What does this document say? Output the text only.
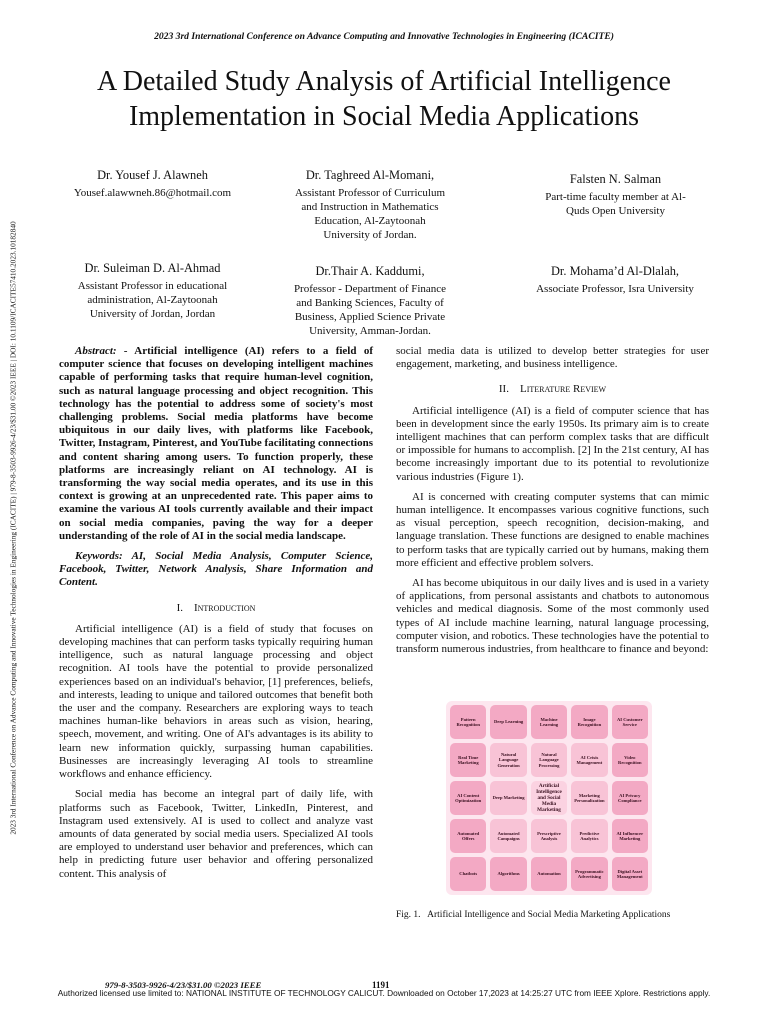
2023 3rd International Conference on Advance Computing and Innovative Technologies in Engineering (ICACITE)
2023 3rd International Conference on Advance Computing and Innovative Technologies in Engineering (ICACITE) | 979-8-3503-9926-4/23/$31.00 ©2023 IEEE | DOI: 10.1109/ICACITE57410.2023.10182840
A Detailed Study Analysis of Artificial Intelligence
Implementation in Social Media Applications
Dr. Yousef J. Alawneh
Yousef.alawwneh.86@hotmail.com
Dr. Taghreed Al-Momani,
Assistant Professor of Curriculum
and Instruction in Mathematics
Education, Al-Zaytoonah
University of Jordan.
Falsten N. Salman
Part-time faculty member at Al-
Quds Open University
Dr. Suleiman D. Al-Ahmad
Assistant Professor in educational
administration, Al-Zaytoonah
University of Jordan, Jordan
Dr.Thair A. Kaddumi,
Professor - Department of Finance
and Banking Sciences, Faculty of
Business, Applied Science Private
University, Amman-Jordan.
Dr. Mohama’d Al-Dlalah,
Associate Professor, Isra University

Abstract: - Artificial intelligence (AI) refers to a field of computer science that focuses on developing intelligent machines capable of performing tasks that require human-level cognition, such as natural language processing and object recognition. This technology has the potential to address some of society's most challenging problems. Social media platforms have become ubiquitous in our daily lives, with platforms like Facebook, Twitter, Instagram, Pinterest, and YouTube facilitating connections and content sharing among users. To function properly, these platforms are increasingly reliant on AI technology. AI is transforming the way social media operates, and its use in this context is growing at an unprecedented rate. This paper aims to examine the various AI tools currently available and their impact on social media companies, paving the way for a deeper understanding of the role of AI in the social media landscape.

Keywords: AI, Social Media Analysis, Computer Science, Facebook, Twitter, Network Analysis, Share Information and Content.

I. Introduction

Artificial intelligence (AI) is a field of study that focuses on developing machines that can perform tasks typically requiring human intelligence, such as natural language processing and object recognition. AI tools have the potential to provide personalized experiences based on an individual's behavior, [1] preferences, beliefs, and interests, leading to unique and tailored outcomes that benefit both the user and the company. Researchers are exploring ways to teach machines human-like behaviors in areas such as vision, hearing, speech, movement, and writing. One of AI's advantages is its ability to learn new information quickly, surpassing human capabilities. Businesses are increasingly leveraging AI tools to streamline workflows and enhance efficiency.

Social media has become an integral part of daily life, with platforms such as Facebook, Twitter, LinkedIn, Pinterest, and Instagram used extensively. AI is used to collect and analyze vast amounts of data generated by social media users. Specialized AI tools are employed to understand user behavior and preferences, which can help in predicting future user behavior and offering personalized content. This analysis of

social media data is utilized to develop better strategies for user engagement, marketing, and business intelligence.

II. Literature Review

Artificial intelligence (AI) is a field of computer science that has been in development since the early 1950s. Its primary aim is to create intelligent machines that can perform complex tasks that are difficult or impossible for humans to accomplish. [2] In the 21st century, AI has become increasingly important due to its potential to revolutionize various industries (Figure 1).

AI is concerned with creating computer systems that can mimic human intelligence. It encompasses various cognitive functions, such as visual perception, speech recognition, decision-making, and language translation. These functions are designed to enable machines to perform tasks that are typically carried out by humans, making them more efficient and effective problem solvers.

AI has become ubiquitous in our daily lives and is used in a variety of applications, from personal assistants and chatbots to autonomous vehicles and medical diagnosis. Some of the most commonly used types of AI include machine learning, natural language processing, computer vision, and robotics. These technologies have the potential to transform numerous industries, from healthcare to finance and beyond:

Pattern Recognition
Deep Learning
Machine Learning
Image Recognition
AI Customer Service
Real Time Marketing
Natural Language Generation
Natural Language Processing
AI Crisis Management
Video Recognition
AI Content Optimization
Deep Marketing
Artificial Intelligence and Social Media Marketing
Marketing Personalization
AI Privacy Compliance
Automated Offers
Automated Campaigns
Prescriptive Analysis
Predictive Analytics
AI Influencer Marketing
Chatbots	Algorithms	Automation
Programmatic Advertising
Digital Asset Management
Fig. 1.   Artificial Intelligence and Social Media Marketing Applications
979-8-3503-9926-4/23/$31.00 ©2023 IEEE	1191
Authorized licensed use limited to: NATIONAL INSTITUTE OF TECHNOLOGY CALICUT. Downloaded on October 17,2023 at 14:25:27 UTC from IEEE Xplore. Restrictions apply.
